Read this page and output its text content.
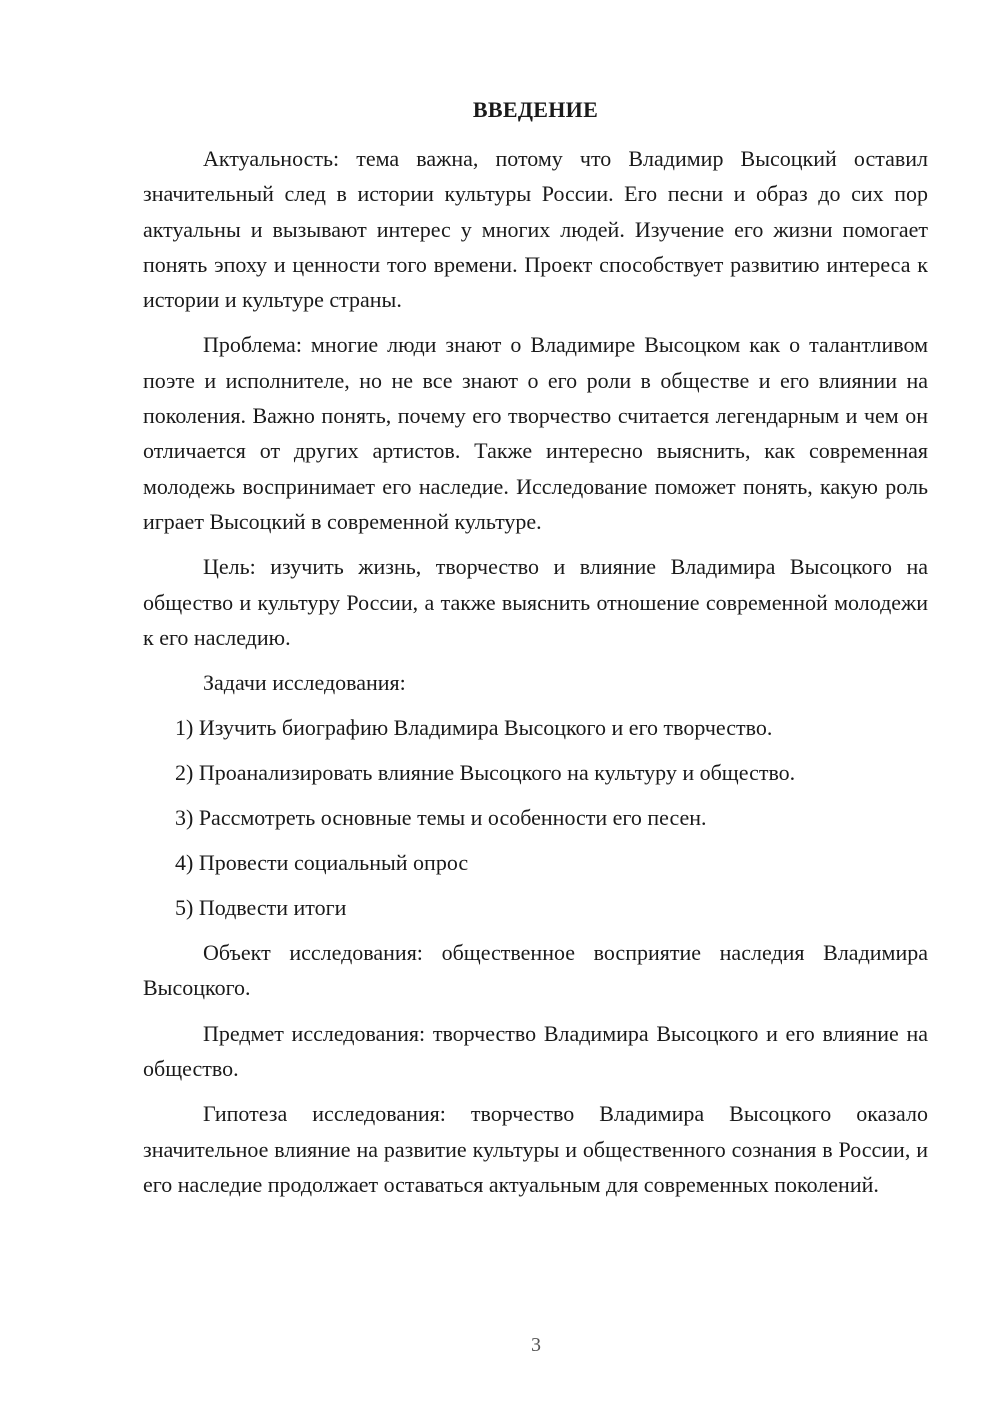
ВВЕДЕНИЕ

Актуальность: тема важна, потому что Владимир Высоцкий оставил значительный след в истории культуры России. Его песни и образ до сих пор актуальны и вызывают интерес у многих людей. Изучение его жизни помогает понять эпоху и ценности того времени. Проект способствует развитию интереса к истории и культуре страны.

Проблема: многие люди знают о Владимире Высоцком как о талантливом поэте и исполнителе, но не все знают о его роли в обществе и его влиянии на поколения. Важно понять, почему его творчество считается легендарным и чем он отличается от других артистов. Также интересно выяснить, как современная молодежь воспринимает его наследие. Исследование поможет понять, какую роль играет Высоцкий в современной культуре.

Цель: изучить жизнь, творчество и влияние Владимира Высоцкого на общество и культуру России, а также выяснить отношение современной молодежи к его наследию.

Задачи исследования:

1) Изучить биографию Владимира Высоцкого и его творчество.
2) Проанализировать влияние Высоцкого на культуру и общество.
3) Рассмотреть основные темы и особенности его песен.
4) Провести социальный опрос
5) Подвести итоги

Объект исследования: общественное восприятие наследия Владимира Высоцкого.

Предмет исследования: творчество Владимира Высоцкого и его влияние на общество.

Гипотеза исследования: творчество Владимира Высоцкого оказало значительное влияние на развитие культуры и общественного сознания в России, и его наследие продолжает оставаться актуальным для современных поколений.

3
